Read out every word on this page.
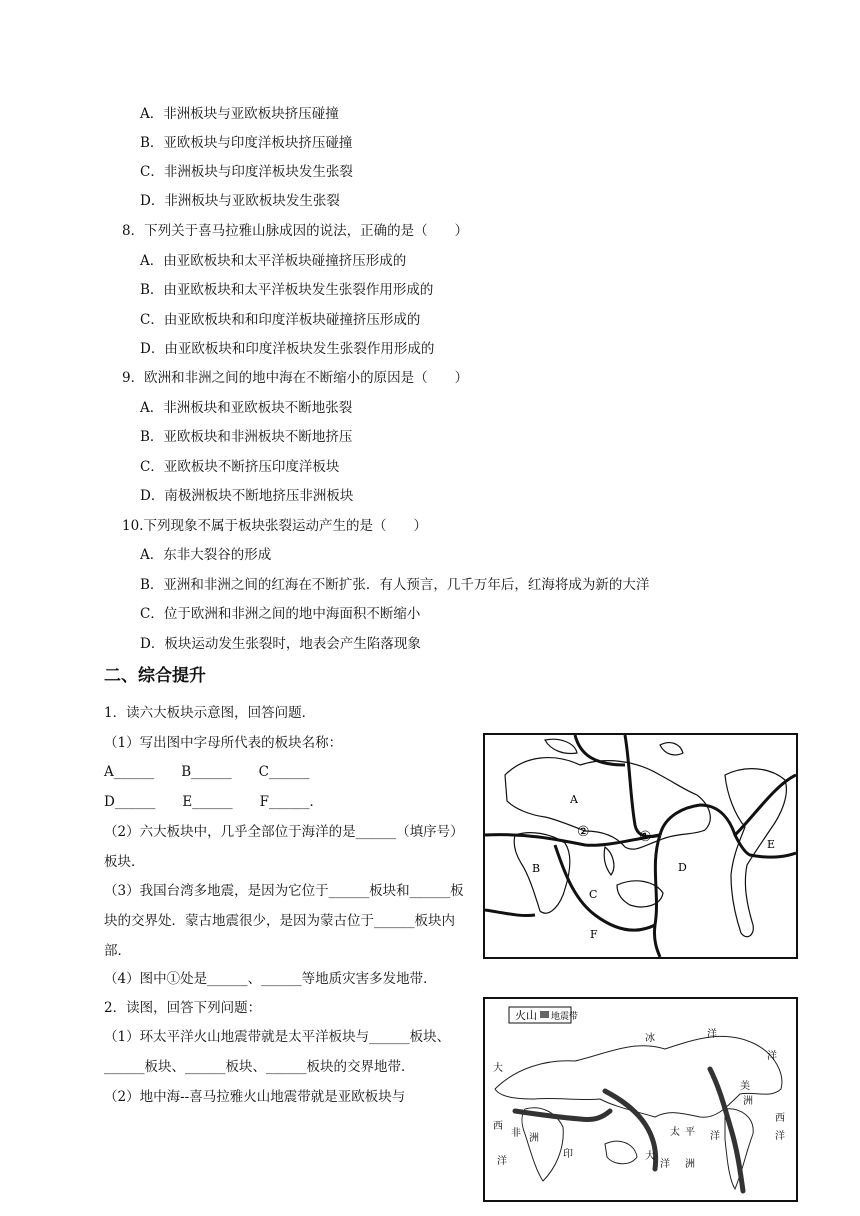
A．非洲板块与亚欧板块挤压碰撞
B．亚欧板块与印度洋板块挤压碰撞
C．非洲板块与印度洋板块发生张裂
D．非洲板块与亚欧板块发生张裂
8．下列关于喜马拉雅山脉成因的说法，正确的是（　　）
A．由亚欧板块和太平洋板块碰撞挤压形成的
B．由亚欧板块和太平洋板块发生张裂作用形成的
C．由亚欧板块和和印度洋板块碰撞挤压形成的
D．由亚欧板块和印度洋板块发生张裂作用形成的
9．欧洲和非洲之间的地中海在不断缩小的原因是（　　）
A．非洲板块和亚欧板块不断地张裂
B．亚欧板块和非洲板块不断地挤压
C．亚欧板块不断挤压印度洋板块
D．南极洲板块不断地挤压非洲板块
10.下列现象不属于板块张裂运动产生的是（　　）
A．东非大裂谷的形成
B．亚洲和非洲之间的红海在不断扩张．有人预言，几千万年后，红海将成为新的大洋
C．位于欧洲和非洲之间的地中海面积不断缩小
D．板块运动发生张裂时，地表会产生陷落现象
二、综合提升
1．读六大板块示意图，回答问题．
（1）写出图中字母所代表的板块名称：
A______　　B______　　C______
D______　　E______　　F______．
（2）六大板块中，几乎全部位于海洋的是______（填序号）板块．
（3）我国台湾多地震，是因为它位于______板块和______板块的交界处．蒙古地震很少，是因为蒙古位于______板块内部．
（4）图中①处是______、______等地质灾害多发地带．
2．读图，回答下列问题：
（1）环太平洋火山地震带就是太平洋板块与______板块、______板块、______板块、______板块的交界地带．
（2）地中海--喜马拉雅火山地震带就是亚欧板块与
A
②	①
B
C
D
E
F
火山 地震带
冰	洋
大
西
非 洲
洋
印
太 平 洋
大
洋 洲
美
洲
西
洋
洋
